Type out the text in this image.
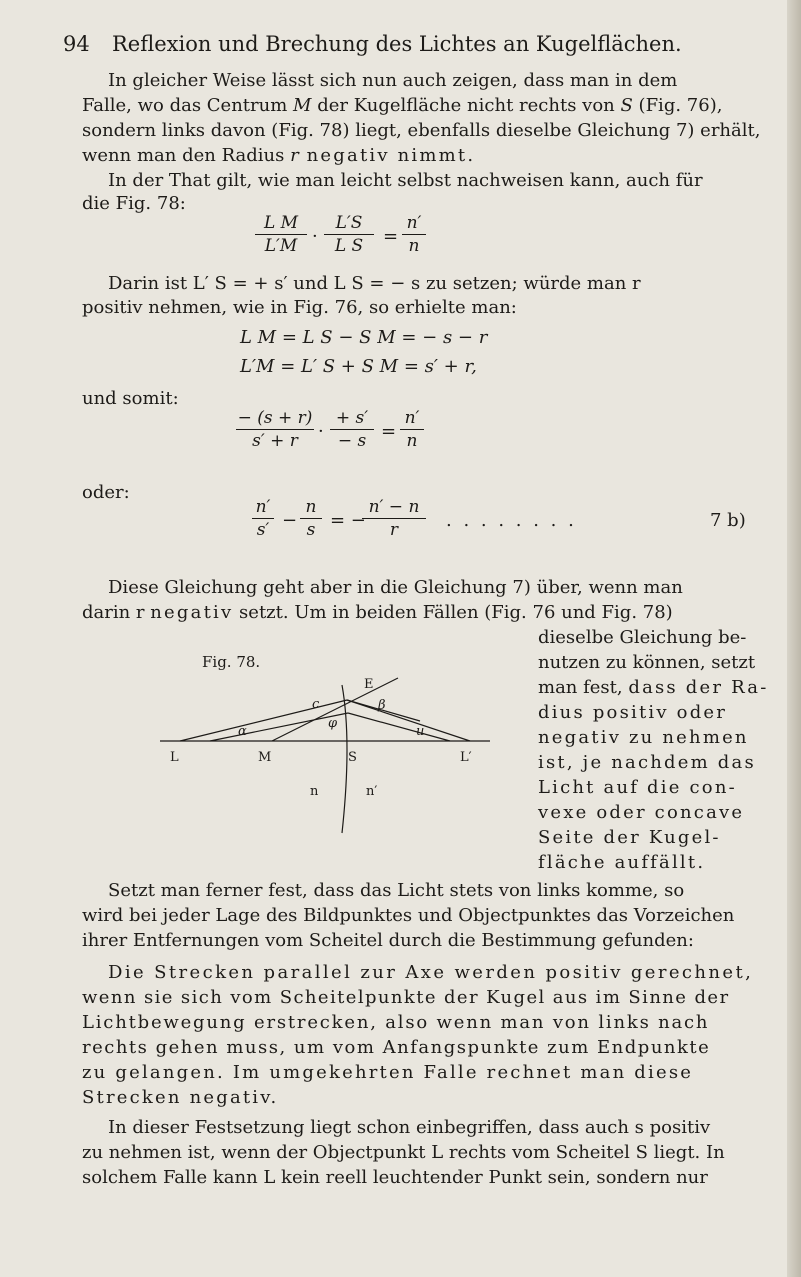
94 Reflexion und Brechung des Lichtes an Kugelflächen.
In gleicher Weise lässt sich nun auch zeigen, dass man in dem
Falle, wo das Centrum M der Kugelfläche nicht rechts von S (Fig. 76),
sondern links davon (Fig. 78) liegt, ebenfalls dieselbe Gleichung 7) erhält,
wenn man den Radius r negativ nimmt.
In der That gilt, wie man leicht selbst nachweisen kann, auch für
die Fig. 78:
L M
L′M ·
L′S
L S	=
n′
n
Darin ist L′ S = + s′ und L S = − s zu setzen; würde man r
positiv nehmen, wie in Fig. 76, so erhielte man:
L M = L S − S M = − s − r
L′M = L′ S + S M = s′ + r,
und somit:
− (s + r)
s′ + r	·
+ s′
− s =
n′
n
oder:
n′
s′ −
n
s = −
n′ − n
r	. . . . . . . .	7 b)
Diese Gleichung geht aber in die Gleichung 7) über, wenn man
darin r negativ setzt. Um in beiden Fällen (Fig. 76 und Fig. 78)
dieselbe Gleichung be-
nutzen zu können, setzt
man fest, dass der Ra-
dius positiv oder
negativ zu nehmen
ist, je nachdem das
Licht auf die con-
vexe oder concave
Seite der Kugel-
fläche auffällt.
Fig. 78.
E
β
c
α
φ
u
L	M	S	L′
n	n′
Setzt man ferner fest, dass das Licht stets von links komme, so
wird bei jeder Lage des Bildpunktes und Objectpunktes das Vorzeichen
ihrer Entfernungen vom Scheitel durch die Bestimmung gefunden:
Die Strecken parallel zur Axe werden positiv gerechnet,
wenn sie sich vom Scheitelpunkte der Kugel aus im Sinne der
Lichtbewegung erstrecken, also wenn man von links nach
rechts gehen muss, um vom Anfangspunkte zum Endpunkte
zu gelangen. Im umgekehrten Falle rechnet man diese
Strecken negativ.
In dieser Festsetzung liegt schon einbegriffen, dass auch s positiv
zu nehmen ist, wenn der Objectpunkt L rechts vom Scheitel S liegt. In
solchem Falle kann L kein reell leuchtender Punkt sein, sondern nur
